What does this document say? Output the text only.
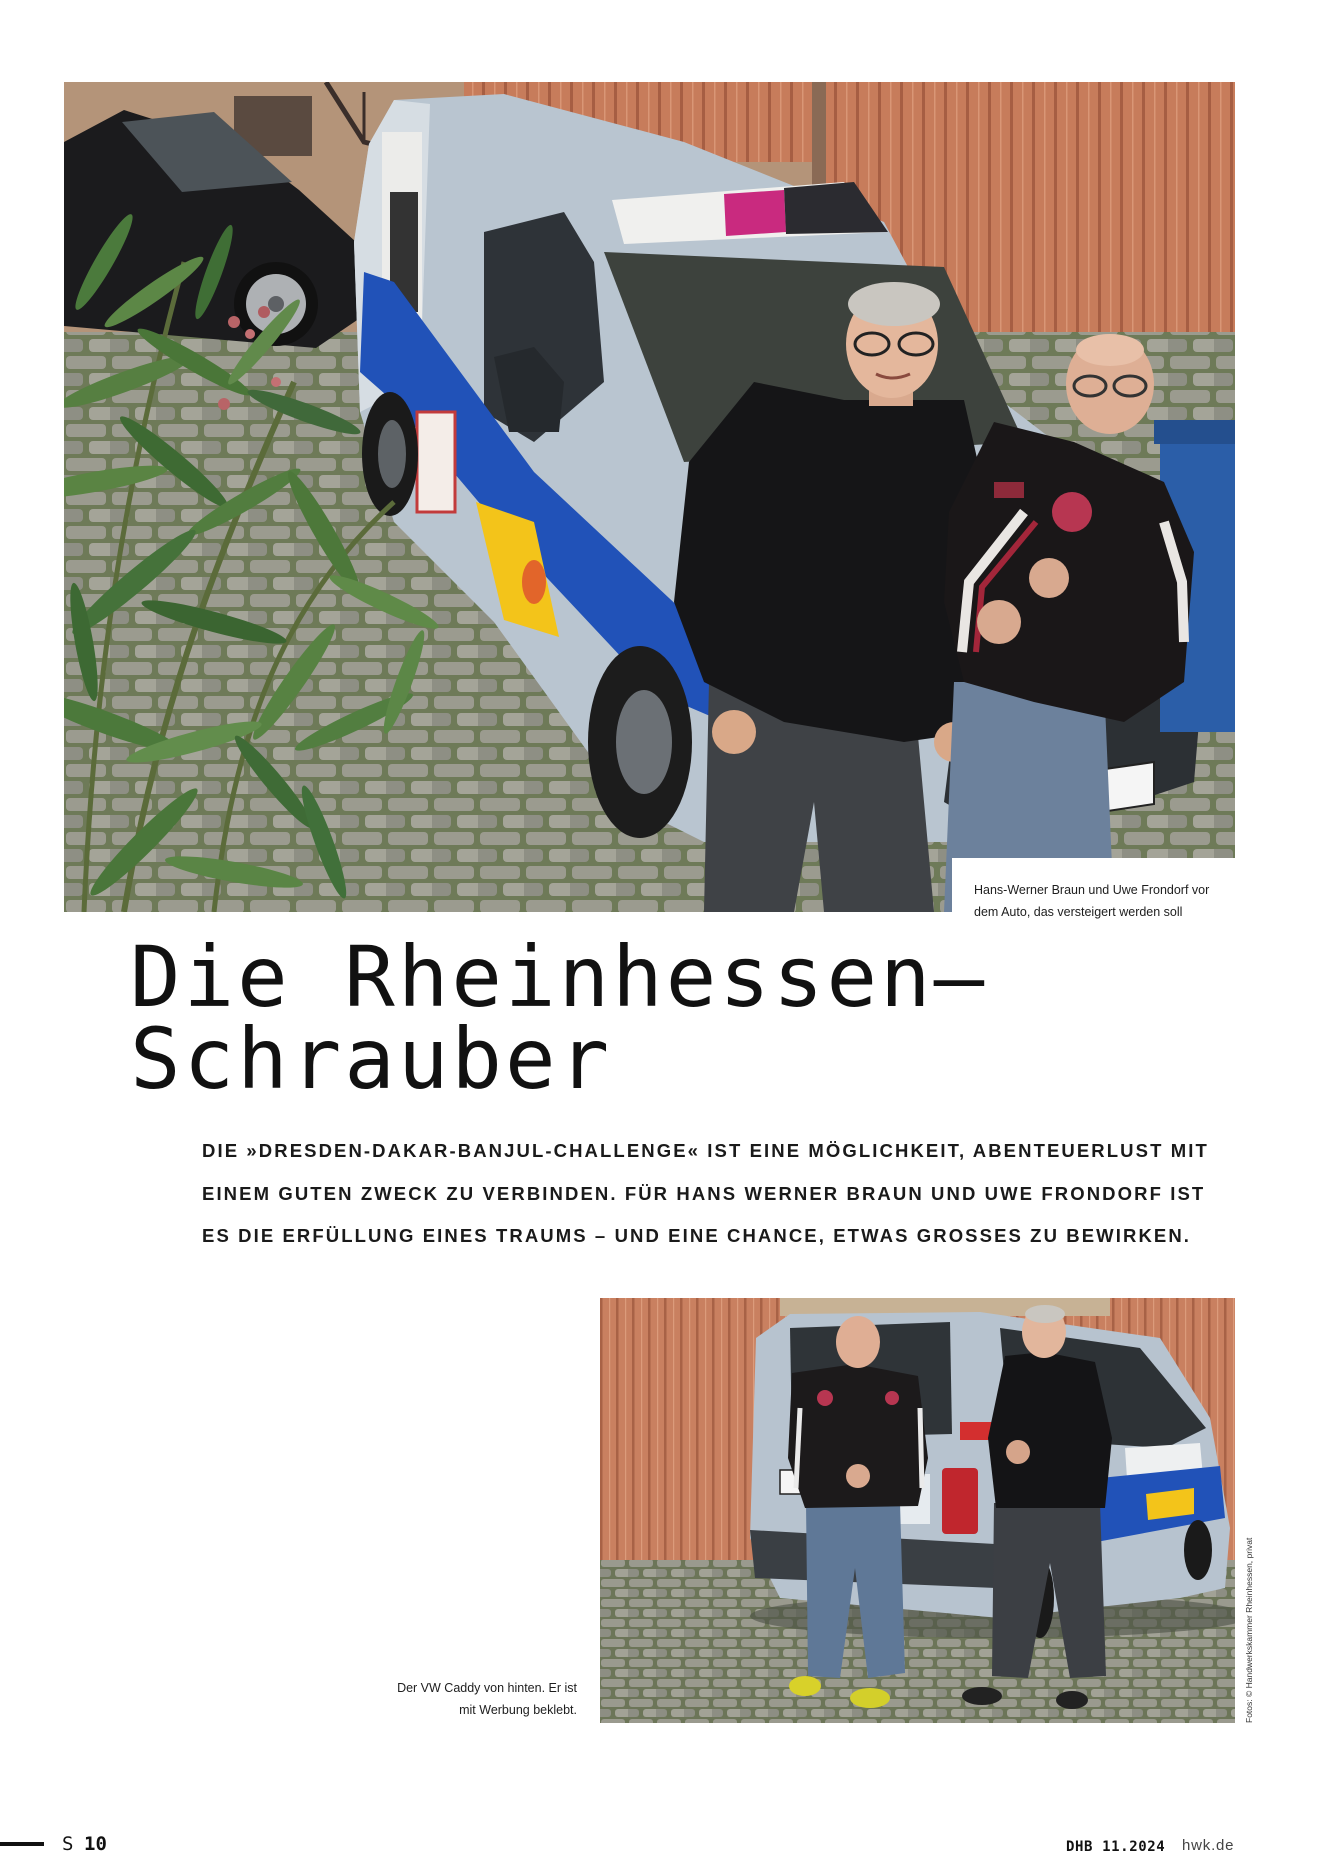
Hans-Werner Braun und Uwe Frondorf vor
dem Auto, das versteigert werden soll
Die Rheinhessen–
Schrauber
DIE »DRESDEN-DAKAR-BANJUL-CHALLENGE« IST EINE MÖGLICHKEIT, ABENTEUERLUST MIT
EINEM GUTEN ZWECK ZU VERBINDEN. FÜR HANS WERNER BRAUN UND UWE FRONDORF IST
ES DIE ERFÜLLUNG EINES TRAUMS – UND EINE CHANCE, ETWAS GROSSES ZU BEWIRKEN.
Der VW Caddy von hinten. Er ist
mit Werbung beklebt.	Fotos: © Handwerkskammer Rheinhessen, privat
S 10	DHB 11.2024 hwk.de
